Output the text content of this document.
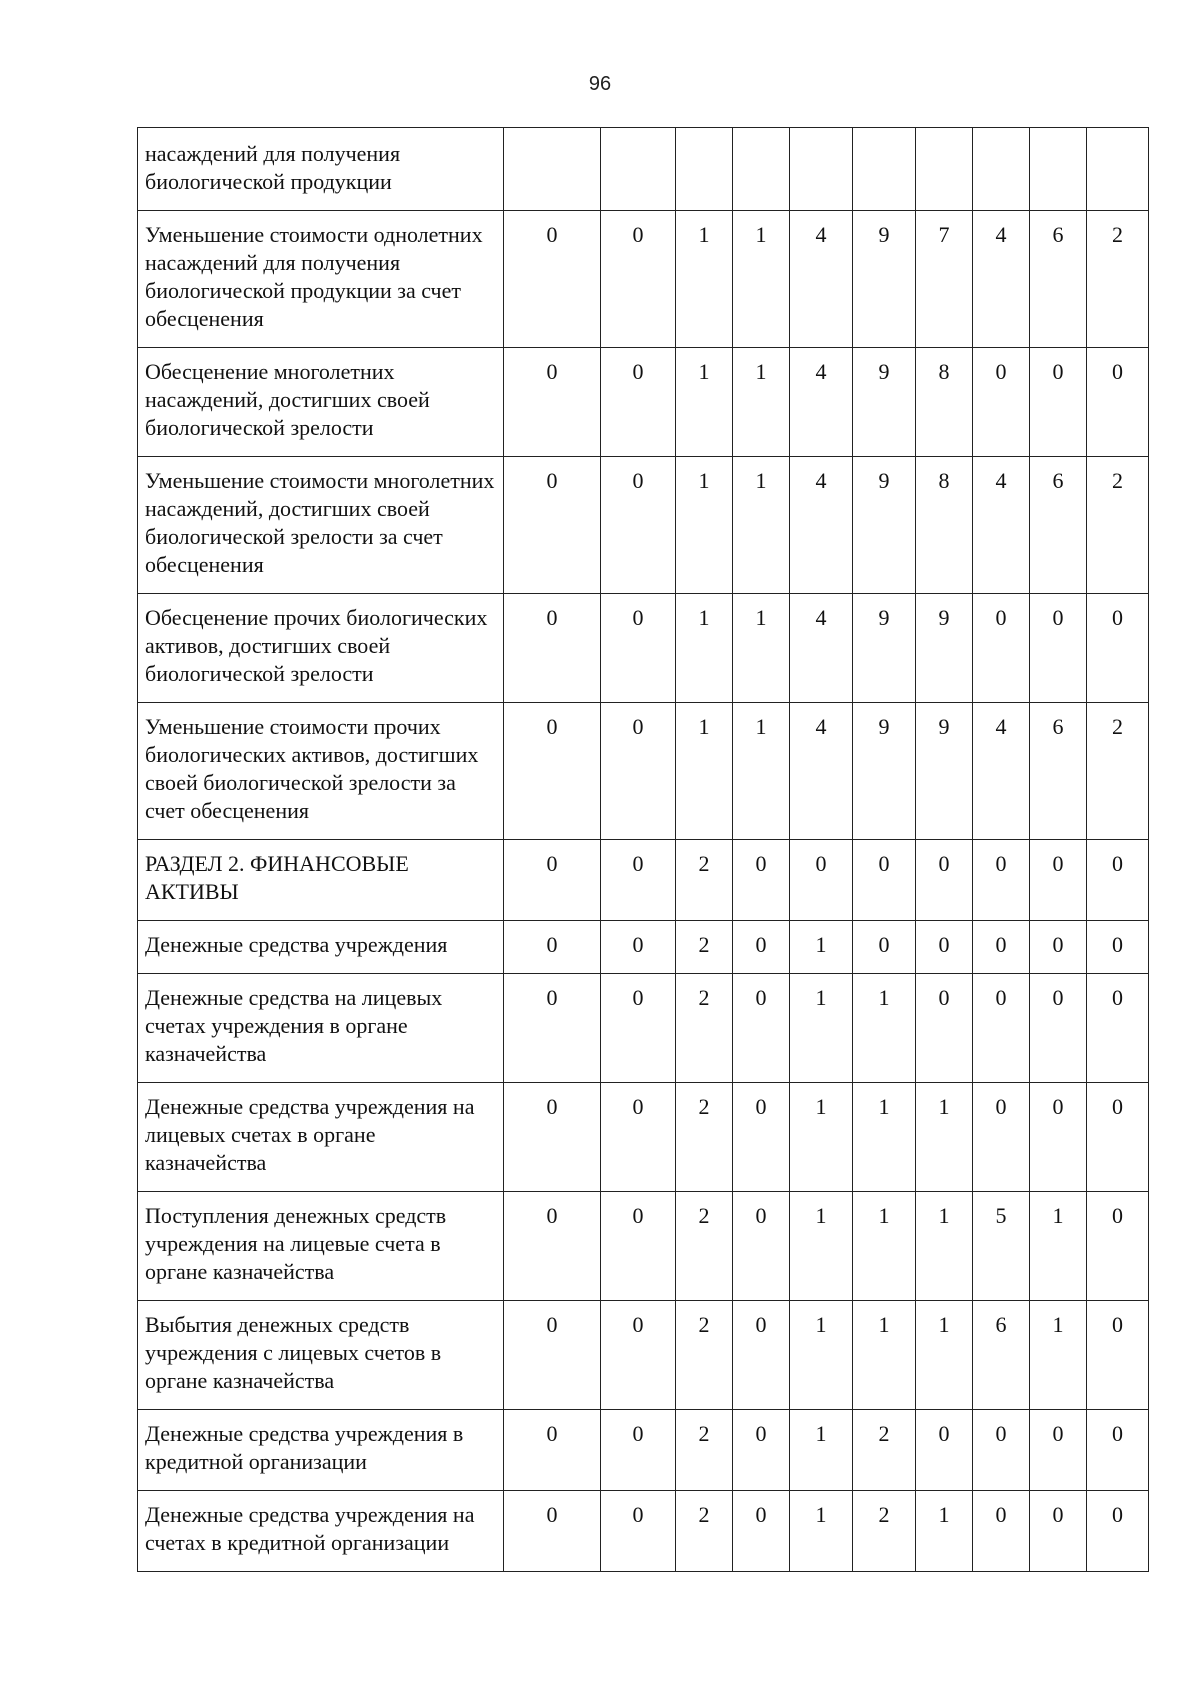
96
насаждений для получения биологической продукции										
Уменьшение стоимости однолетних насаждений для получения биологической продукции за счет обесценения	0	0	1	1	4	9	7	4	6	2
Обесценение многолетних насаждений, достигших своей биологической зрелости	0	0	1	1	4	9	8	0	0	0
Уменьшение стоимости многолетних насаждений, достигших своей биологической зрелости за счет обесценения	0	0	1	1	4	9	8	4	6	2
Обесценение прочих биологических активов, достигших своей биологической зрелости	0	0	1	1	4	9	9	0	0	0
Уменьшение стоимости прочих биологических активов, достигших своей биологической зрелости за счет обесценения	0	0	1	1	4	9	9	4	6	2
РАЗДЕЛ 2. ФИНАНСОВЫЕ АКТИВЫ	0	0	2	0	0	0	0	0	0	0
Денежные средства учреждения	0	0	2	0	1	0	0	0	0	0
Денежные средства на лицевых счетах учреждения в органе казначейства	0	0	2	0	1	1	0	0	0	0
Денежные средства учреждения на лицевых счетах в органе казначейства	0	0	2	0	1	1	1	0	0	0
Поступления денежных средств учреждения на лицевые счета в органе казначейства	0	0	2	0	1	1	1	5	1	0
Выбытия денежных средств учреждения с лицевых счетов в органе казначейства	0	0	2	0	1	1	1	6	1	0
Денежные средства учреждения в кредитной организации	0	0	2	0	1	2	0	0	0	0
Денежные средства учреждения на счетах в кредитной организации	0	0	2	0	1	2	1	0	0	0
